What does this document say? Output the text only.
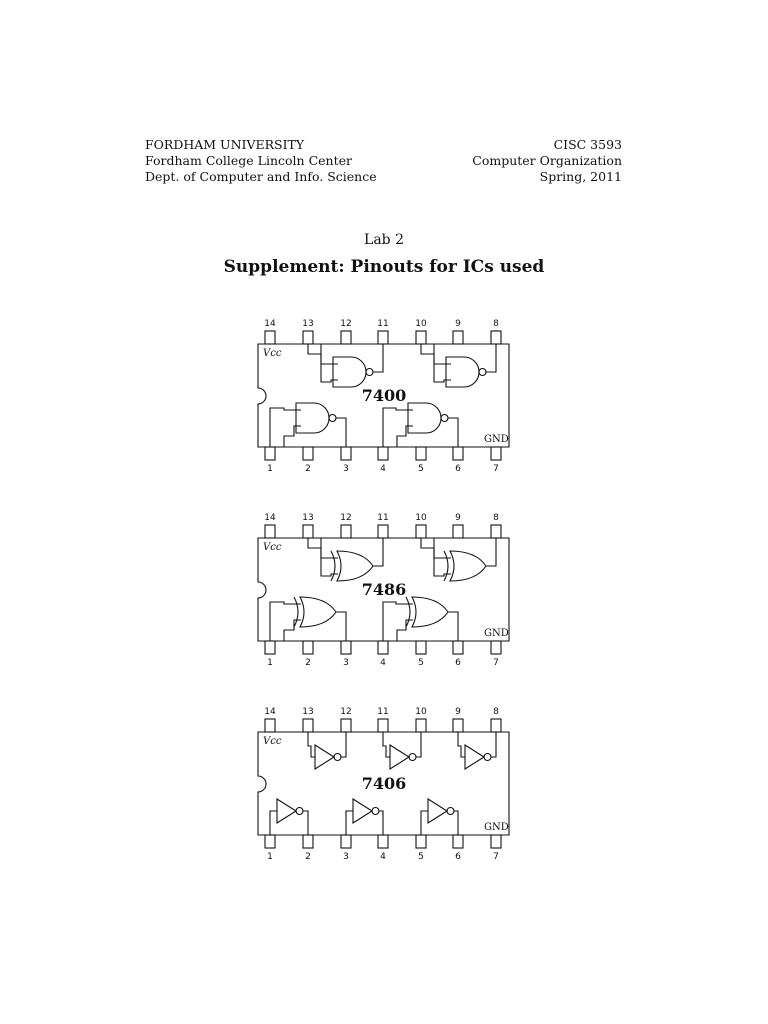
FORDHAM UNIVERSITY
Fordham College Lincoln Center
Dept. of Computer and Info. Science
CISC 3593
Computer Organization
Spring, 2011
Lab 2
Supplement: Pinouts for ICs used
14
1
13
2
12
3
11
4
10
5
9
6
8
7
Vcc
GND
7400
14
1
13
2
12
3
11
4
10
5
9
6
8
7
Vcc
GND
7486
14
1
13
2
12
3
11
4
10
5
9
6
8
7
Vcc
GND
7406
